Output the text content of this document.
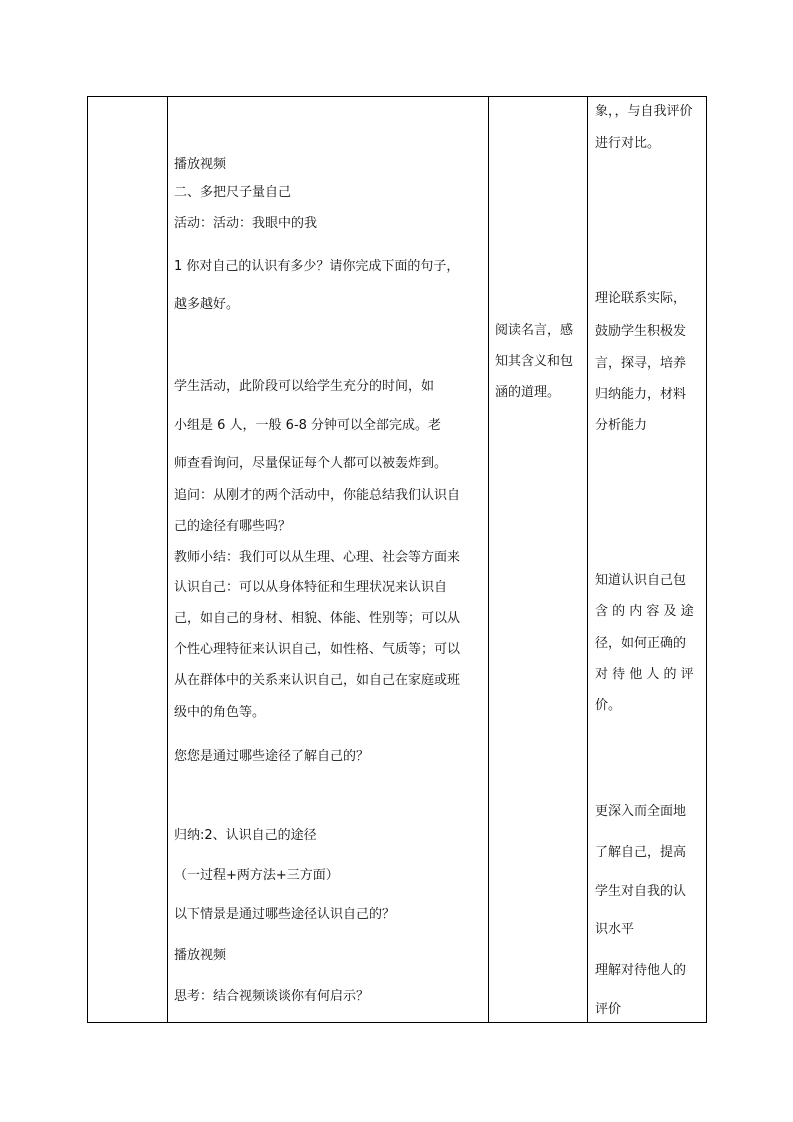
播放视频
二、多把尺子量自己
活动：活动：我眼中的我
1 你对自己的认识有多少？请你完成下面的句子，
越多越好。
学生活动，此阶段可以给学生充分的时间，如
小组是 6 人，一般 6-8 分钟可以全部完成。老
师查看询问，尽量保证每个人都可以被轰炸到。
追问：从刚才的两个活动中，你能总结我们认识自
己的途径有哪些吗？
教师小结：我们可以从生理、心理、社会等方面来
认识自己：可以从身体特征和生理状况来认识自
己，如自己的身材、相貌、体能、性别等；可以从
个性心理特征来认识自己，如性格、气质等；可以
从在群体中的关系来认识自己，如自己在家庭或班
级中的角色等。
您您是通过哪些途径了解自己的？
归纳:2、认识自己的途径
（一过程+两方法+三方面）
以下情景是通过哪些途径认识自己的？
播放视频
思考：结合视频谈谈你有何启示？
阅读名言，感
知其含义和包
涵的道理。
象，，与自我评价
进行对比。
理论联系实际，
鼓励学生积极发
言，探寻，培养
归纳能力，材料
分析能力
知道认识自己包
含 的 内 容 及 途
径，如何正确的
对 待 他 人 的 评
价。
更深入而全面地
了解自己，提高
学生对自我的认
识水平
理解对待他人的
评价
